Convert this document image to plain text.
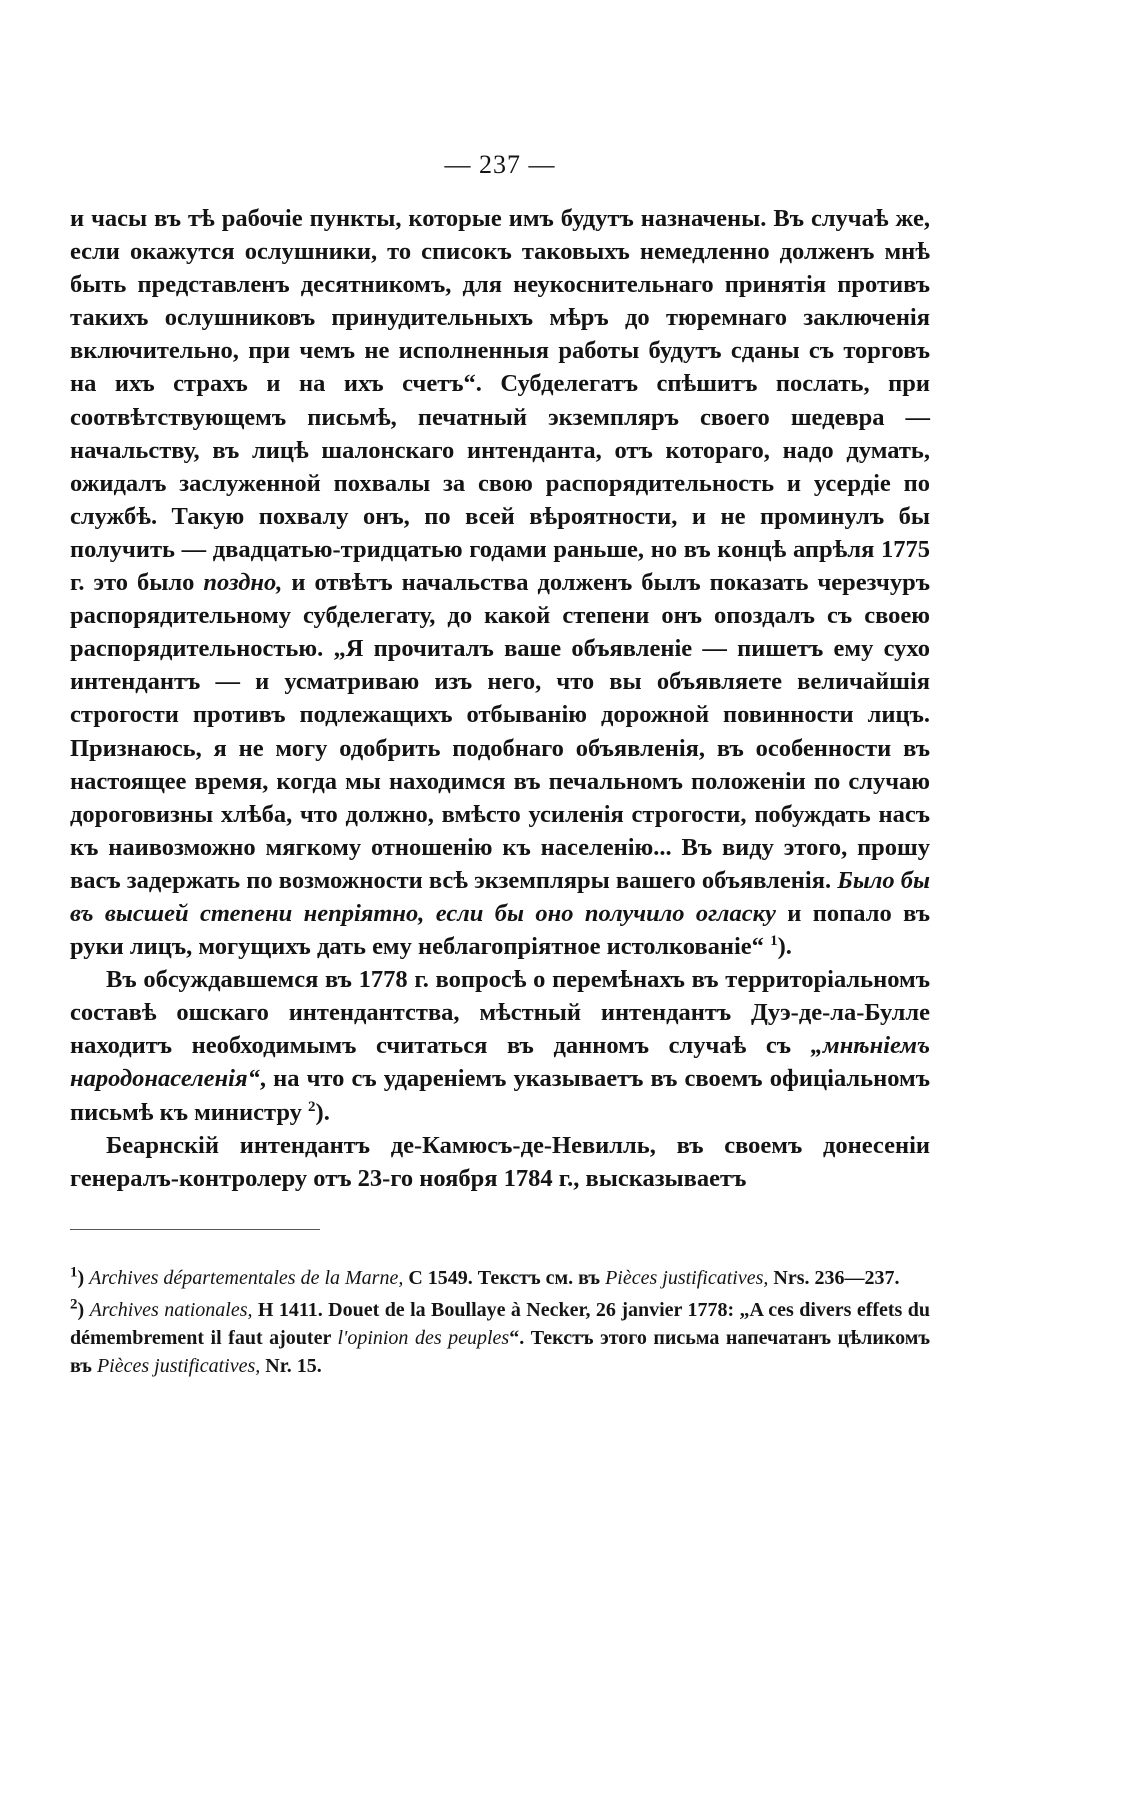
— 237 —

и часы въ тѣ рабочіе пункты, которые имъ будутъ назначены. Въ случаѣ же, если окажутся ослушники, то списокъ таковыхъ немедленно долженъ мнѣ быть представленъ десятникомъ, для неукоснительнаго принятія противъ такихъ ослушниковъ принудительныхъ мѣръ до тюремнаго заключенія включительно, при чемъ не исполненныя работы будутъ сданы съ торговъ на ихъ страхъ и на ихъ счетъ“. Субделегатъ спѣшитъ послать, при соотвѣтствующемъ письмѣ, печатный экземпляръ своего шедевра — начальству, въ лицѣ шалонскаго интенданта, отъ котораго, надо думать, ожидалъ заслуженной похвалы за свою распорядительность и усердіе по службѣ. Такую похвалу онъ, по всей вѣроятности, и не проминулъ бы получить — двадцатью-тридцатью годами раньше, но въ концѣ апрѣля 1775 г. это было поздно, и отвѣтъ начальства долженъ былъ показать черезчуръ распорядительному субделегату, до какой степени онъ опоздалъ съ своею распорядительностью. „Я прочиталъ ваше объявленіе — пишетъ ему сухо интендантъ — и усматриваю изъ него, что вы объявляете величайшія строгости противъ подлежащихъ отбыванію дорожной повинности лицъ. Признаюсь, я не могу одобрить подобнаго объявленія, въ особенности въ настоящее время, когда мы находимся въ печальномъ положеніи по случаю дороговизны хлѣба, что должно, вмѣсто усиленія строгости, побуждать насъ къ наивозможно мягкому отношенію къ населенію... Въ виду этого, прошу васъ задержать по возможности всѣ экземпляры вашего объявленія. Было бы въ высшей степени непріятно, если бы оно получило огласку и попало въ руки лицъ, могущихъ дать ему неблагопріятное истолкованіе“ $^1$).

Въ обсуждавшемся въ 1778 г. вопросѣ о перемѣнахъ въ территоріальномъ составѣ ошскаго интендантства, мѣстный интендантъ Дуэ-де-ла-Булле находитъ необходимымъ считаться въ данномъ случаѣ съ „мнѣніемъ народонаселенія“, на что съ удареніемъ указываетъ въ своемъ офиціальномъ письмѣ къ министру $^2$).

Беарнскій интендантъ де-Камюсъ-де-Невилль, въ своемъ донесеніи генералъ-контролеру отъ 23-го ноября 1784 г., высказываетъ

$^1$) Archives départementales de la Marne, C 1549. Текстъ см. въ Pièces justificatives, Nrs. 236—237.

$^2$) Archives nationales, H 1411. Douet de la Boullaye à Necker, 26 janvier 1778: „A ces divers effets du démembrement il faut ajouter l'opinion des peuples“. Текстъ этого письма напечатанъ цѣликомъ въ Pièces justificatives, Nr. 15.
